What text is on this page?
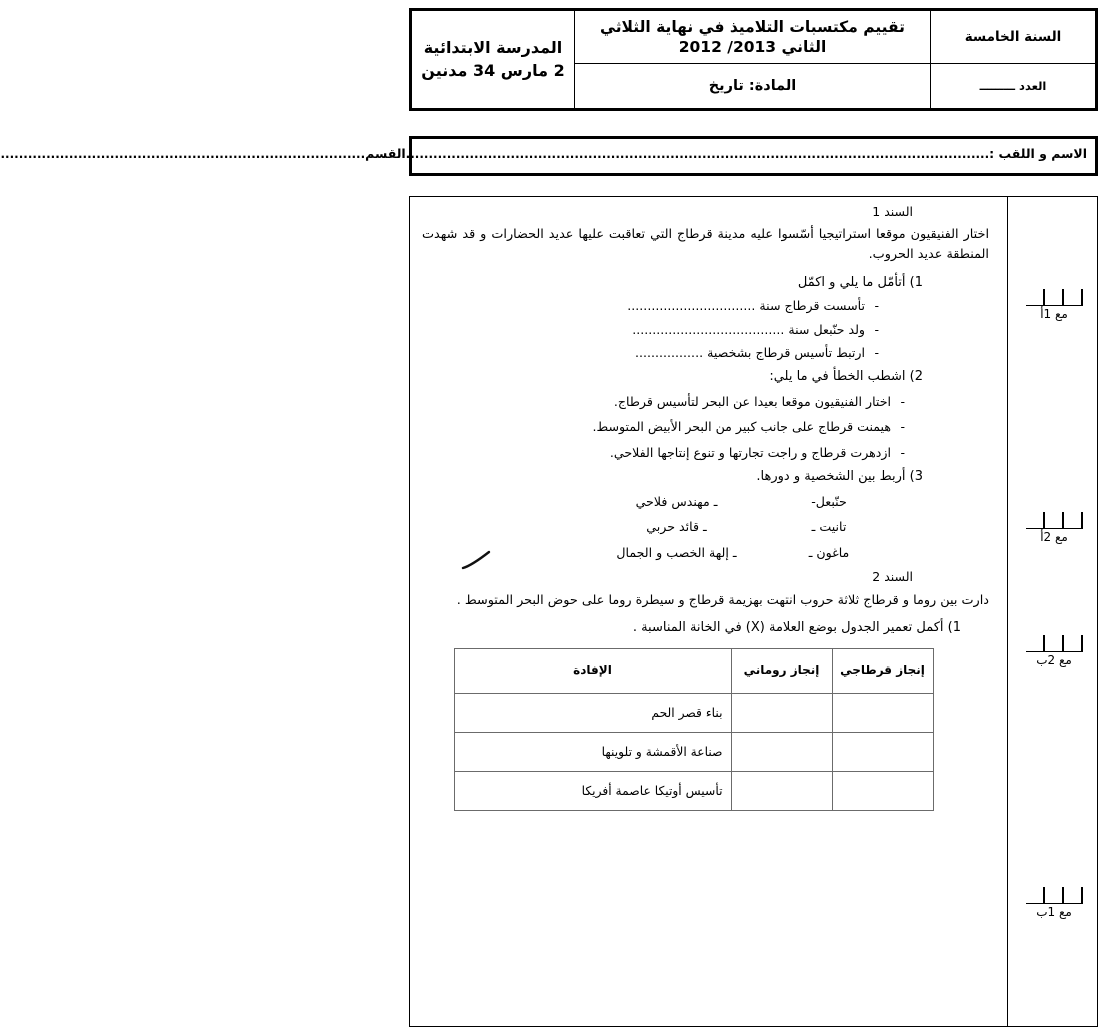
السنة الخامسة	تقييم مكتسبات التلاميذ في نهاية الثلاثي الثاني 2013/ 2012	المدرسة الابتدائية 2 مارس 34 مدنين
العدد ـــــــــ	المادة: تاريخ	
الاسم و اللقب :................................................................................................................................القسم................................................................................
مع 1أ
مع 2أ
مع 2ب
مع 1ب
السند 1
اختار الفنيقيون موقعا استراتيجيا أسّسوا عليه مدينة قرطاج التي تعاقبت عليها عديد الحضارات و قد شهدت المنطقة عديد الحروب.
1) أتأمّل ما يلي و اكمّل
-تأسست قرطاج سنة ................................
-ولد حنّبعل سنة ......................................
-ارتبط تأسيس قرطاج بشخصية .................
2) اشطب الخطأ في ما يلي:
-اختار الفنيقيون موقعا بعيدا عن البحر لتأسيس قرطاج.
-هيمنت قرطاج على جانب كبير من البحر الأبيض المتوسط.
-ازدهرت قرطاج و راجت تجارتها و تنوع إنتاجها الفلاحي.
3) أربط بين الشخصية و دورها.
حنّبعل-
ـ مهندس فلاحي
تانيت ـ
ـ قائد حربي
ماغون ـ
ـ إلهة الخصب و الجمال
السند 2
دارت بين روما و قرطاج ثلاثة حروب انتهت بهزيمة قرطاج و سيطرة روما على حوض البحر المتوسط .
1) أكمل تعمير الجدول بوضع العلامة (X) في الخانة المناسبة .
إنجاز قرطاجي	إنجاز روماني	الإفادة
		بناء قصر الحم
		صناعة الأقمشة و تلوينها
		تأسيس أوتيكا عاصمة أفريكا
